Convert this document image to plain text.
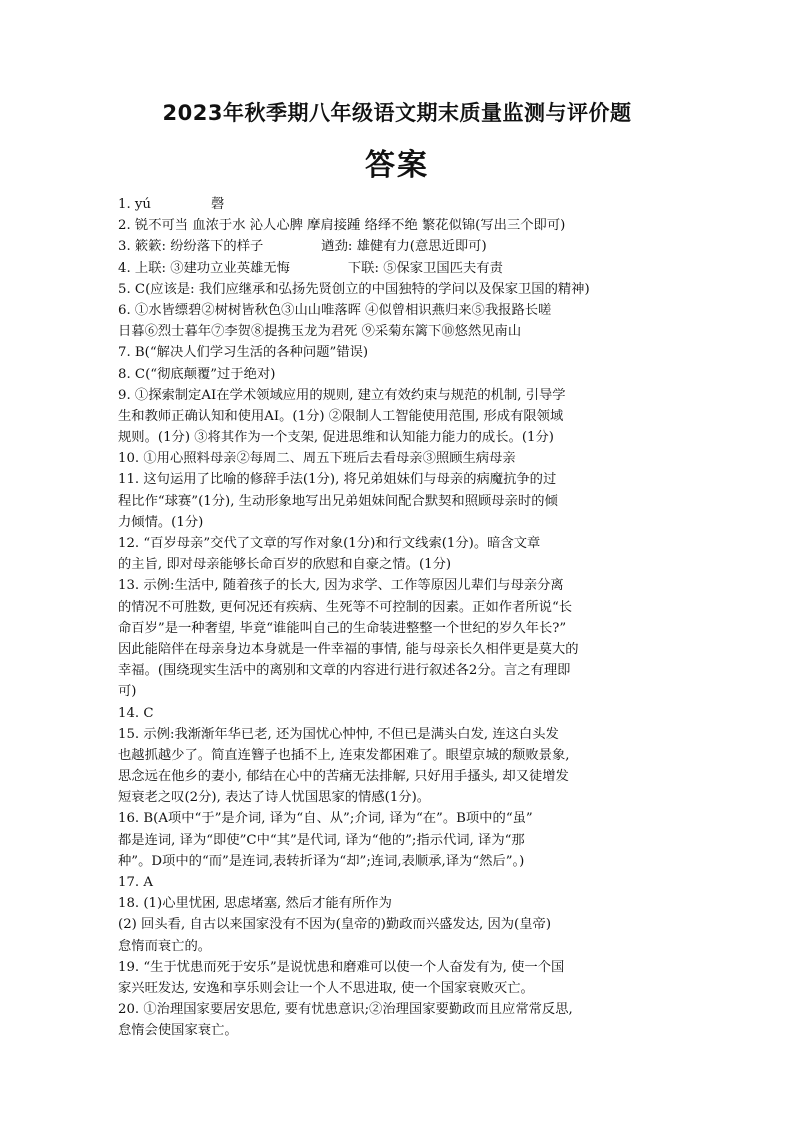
2023年秋季期八年级语文期末质量监测与评价题
答案
1. yú	磬
2. 锐不可当 血浓于水 沁人心脾 摩肩接踵 络绎不绝 繁花似锦(写出三个即可)
3. 簌簌: 纷纷落下的样子	遒劲: 雄健有力(意思近即可)
4. 上联: ③建功立业英雄无悔	下联: ⑤保家卫国匹夫有责
5. C(应该是: 我们应继承和弘扬先贤创立的中国独特的学问以及保家卫国的精神)
6. ①水皆缥碧②树树皆秋色③山山唯落晖 ④似曾相识燕归来⑤我报路长嗟
日暮⑥烈士暮年⑦李贺⑧提携玉龙为君死 ⑨采菊东篱下⑩悠然见南山
7. B(“解决人们学习生活的各种问题”错误)
8. C(“彻底颠覆”过于绝对)
9. ①探索制定AI在学术领域应用的规则, 建立有效约束与规范的机制, 引导学
生和教师正确认知和使用AI。(1分) ②限制人工智能使用范围, 形成有限领域
规则。(1分) ③将其作为一个支架, 促进思维和认知能力能力的成长。(1分)
10. ①用心照料母亲②每周二、周五下班后去看母亲③照顾生病母亲
11. 这句运用了比喻的修辞手法(1分), 将兄弟姐妹们与母亲的病魔抗争的过
程比作“球赛”(1分), 生动形象地写出兄弟姐妹间配合默契和照顾母亲时的倾
力倾情。(1分)
12. “百岁母亲”交代了文章的写作对象(1分)和行文线索(1分)。暗含文章
的主旨, 即对母亲能够长命百岁的欣慰和自豪之情。(1分)
13. 示例:生活中, 随着孩子的长大, 因为求学、工作等原因儿辈们与母亲分离
的情况不可胜数, 更何况还有疾病、生死等不可控制的因素。正如作者所说“长
命百岁”是一种奢望, 毕竟“谁能叫自己的生命装进整整一个世纪的岁久年长?”
因此能陪伴在母亲身边本身就是一件幸福的事情, 能与母亲长久相伴更是莫大的
幸福。(围绕现实生活中的离别和文章的内容进行进行叙述各2分。言之有理即
可)
14. C
15. 示例:我渐渐年华已老, 还为国忧心忡忡, 不但已是满头白发, 连这白头发
也越抓越少了。简直连簪子也插不上, 连束发都困难了。眼望京城的颓败景象,
思念远在他乡的妻小, 郁结在心中的苦痛无法排解, 只好用手搔头, 却又徒增发
短衰老之叹(2分), 表达了诗人忧国思家的情感(1分)。
16. B(A项中“于”是介词, 译为“自、从”;介词, 译为“在”。B项中的“虽”
都是连词, 译为“即使”C中“其”是代词, 译为“他的”;指示代词, 译为“那
种”。D项中的“而”是连词,表转折译为“却”;连词,表顺承,译为“然后”。)
17. A
18. (1)心里忧困, 思虑堵塞, 然后才能有所作为
(2) 回头看, 自古以来国家没有不因为(皇帝的)勤政而兴盛发达, 因为(皇帝)
怠惰而衰亡的。
19. “生于忧患而死于安乐”是说忧患和磨难可以使一个人奋发有为, 使一个国
家兴旺发达, 安逸和享乐则会让一个人不思进取, 使一个国家衰败灭亡。
20. ①治理国家要居安思危, 要有忧患意识;②治理国家要勤政而且应常常反思,
怠惰会使国家衰亡。
